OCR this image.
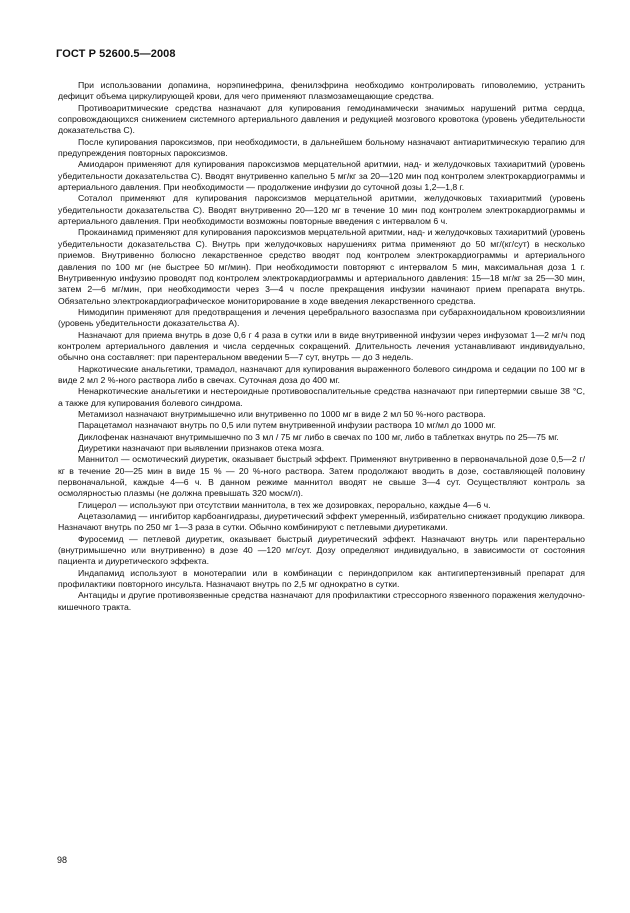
ГОСТ Р 52600.5—2008

При использовании допамина, норэпинефрина, фенилэфрина необходимо контролировать гиповолемию, устранить дефицит объема циркулирующей крови, для чего применяют плазмозамещающие средства.

Противоаритмические средства назначают для купирования гемодинамически значимых нарушений ритма сердца, сопровождающихся снижением системного артериального давления и редукцией мозгового кровотока (уровень убедительности доказательства С).

После купирования пароксизмов, при необходимости, в дальнейшем больному назначают антиаритмическую терапию для предупреждения повторных пароксизмов.

Амиодарон применяют для купирования пароксизмов мерцательной аритмии, над- и желудочковых тахиаритмий (уровень убедительности доказательства С). Вводят внутривенно капельно 5 мг/кг за 20—120 мин под контролем электрокардиограммы и артериального давления. При необходимости — продолжение инфузии до суточной дозы 1,2—1,8 г.

Соталол применяют для купирования пароксизмов мерцательной аритмии, желудочковых тахиаритмий (уровень убедительности доказательства С). Вводят внутривенно 20—120 мг в течение 10 мин под контролем электрокардиограммы и артериального давления. При необходимости возможны повторные введения с интервалом 6 ч.

Прокаинамид применяют для купирования пароксизмов мерцательной аритмии, над- и желудочковых тахиаритмий (уровень убедительности доказательства С). Внутрь при желудочковых нарушениях ритма применяют до 50 мг/(кг/сут) в несколько приемов. Внутривенно болюсно лекарственное средство вводят под контролем электрокардиограммы и артериального давления по 100 мг (не быстрее 50 мг/мин). При необходимости повторяют с интервалом 5 мин, максимальная доза 1 г. Внутривенную инфузию проводят под контролем электрокардиограммы и артериального давления: 15—18 мг/кг за 25—30 мин, затем 2—6 мг/мин, при необходимости через 3—4 ч после прекращения инфузии начинают прием препарата внутрь. Обязательно электрокардиографическое мониторирование в ходе введения лекарственного средства.

Нимодипин применяют для предотвращения и лечения церебрального вазоспазма при субарахноидальном кровоизлиянии (уровень убедительности доказательства А).

Назначают для приема внутрь в дозе 0,6 г 4 раза в сутки или в виде внутривенной инфузии через инфузомат 1—2 мг/ч под контролем артериального давления и числа сердечных сокращений. Длительность лечения устанавливают индивидуально, обычно она составляет: при парентеральном введении 5—7 сут, внутрь — до 3 недель.

Наркотические анальгетики, трамадол, назначают для купирования выраженного болевого синдрома и седации по 100 мг в виде 2 мл 2 %-ного раствора либо в свечах. Суточная доза до 400 мг.

Ненаркотические анальгетики и нестероидные противовоспалительные средства назначают при гипертермии свыше 38 °С, а также для купирования болевого синдрома.

Метамизол назначают внутримышечно или внутривенно по 1000 мг в виде 2 мл 50 %-ного раствора.

Парацетамол назначают внутрь по 0,5 или путем внутривенной инфузии раствора 10 мг/мл до 1000 мг.

Диклофенак назначают внутримышечно по 3 мл / 75 мг либо в свечах по 100 мг, либо в таблетках внутрь по 25—75 мг.

Диуретики назначают при выявлении признаков отека мозга.

Маннитол — осмотический диуретик, оказывает быстрый эффект. Применяют внутривенно в первоначальной дозе 0,5—2 г/кг в течение 20—25 мин в виде 15 % — 20 %-ного раствора. Затем продолжают вводить в дозе, составляющей половину первоначальной, каждые 4—6 ч. В данном режиме маннитол вводят не свыше 3—4 сут. Осуществляют контроль за осмолярностью плазмы (не должна превышать 320 мосм/л).

Глицерол — используют при отсутствии маннитола, в тех же дозировках, перорально, каждые 4—6 ч.

Ацетазоламид — ингибитор карбоангидразы, диуретический эффект умеренный, избирательно снижает продукцию ликвора. Назначают внутрь по 250 мг 1—3 раза в сутки. Обычно комбинируют с петлевыми диуретиками.

Фуросемид — петлевой диуретик, оказывает быстрый диуретический эффект. Назначают внутрь или парентерально (внутримышечно или внутривенно) в дозе 40 —120 мг/сут. Дозу определяют индивидуально, в зависимости от состояния пациента и диуретического эффекта.

Индапамид используют в монотерапии или в комбинации с периндоприлом как антигипертензивный препарат для профилактики повторного инсульта. Назначают внутрь по 2,5 мг однократно в сутки.

Антациды и другие противоязвенные средства назначают для профилактики стрессорного язвенного поражения желудочно-кишечного тракта.

98
